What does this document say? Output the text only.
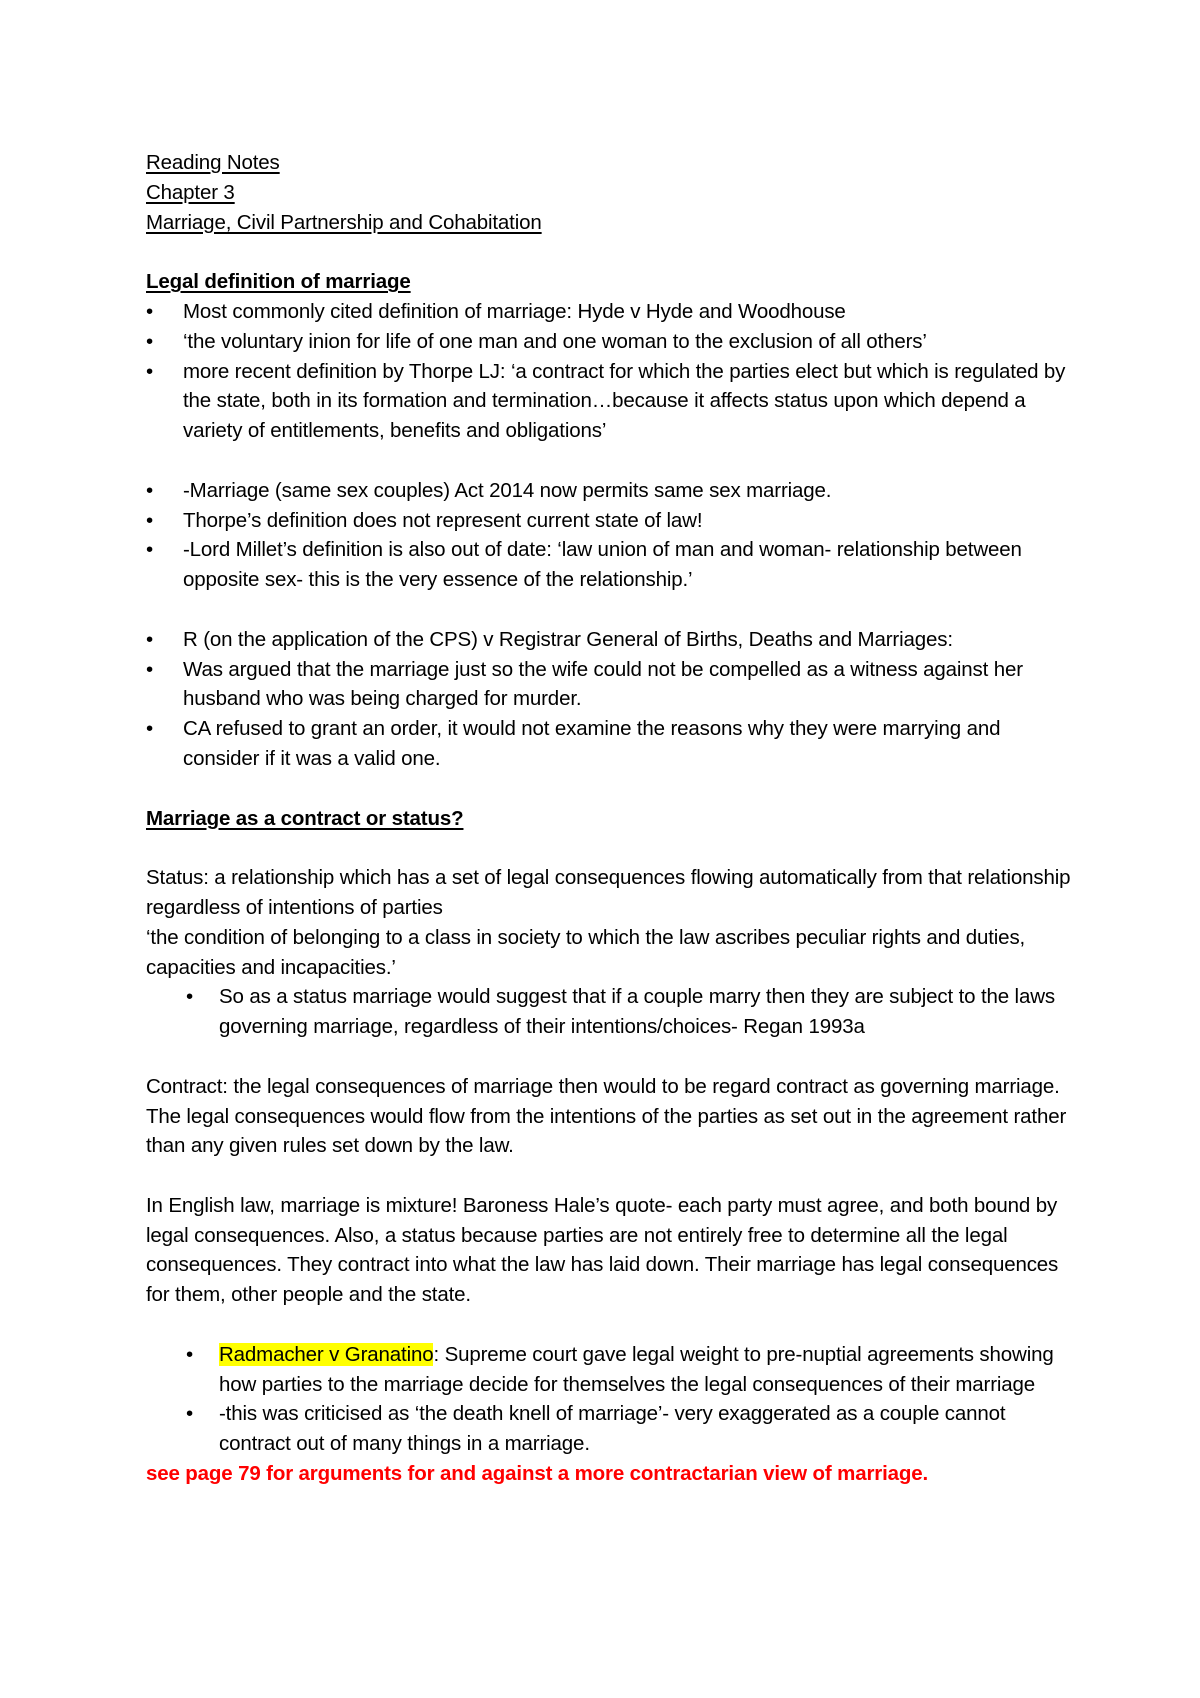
Reading Notes
Chapter 3
Marriage, Civil Partnership and Cohabitation
Legal definition of marriage
• Most commonly cited definition of marriage: Hyde v Hyde and Woodhouse
• ‘the voluntary inion for life of one man and one woman to the exclusion of all others’
• more recent definition by Thorpe LJ: ‘a contract for which the parties elect but which is regulated by the state, both in its formation and termination…because it affects status upon which depend a variety of entitlements, benefits and obligations’
• -Marriage (same sex couples) Act 2014 now permits same sex marriage.
• Thorpe’s definition does not represent current state of law!
• -Lord Millet’s definition is also out of date: ‘law union of man and woman- relationship between opposite sex- this is the very essence of the relationship.’
• R (on the application of the CPS) v Registrar General of Births, Deaths and Marriages:
• Was argued that the marriage just so the wife could not be compelled as a witness against her husband who was being charged for murder.
• CA refused to grant an order, it would not examine the reasons why they were marrying and consider if it was a valid one.
Marriage as a contract or status?
Status: a relationship which has a set of legal consequences flowing automatically from that relationship regardless of intentions of parties
‘the condition of belonging to a class in society to which the law ascribes peculiar rights and duties, capacities and incapacities.’
• So as a status marriage would suggest that if a couple marry then they are subject to the laws governing marriage, regardless of their intentions/choices- Regan 1993a
Contract: the legal consequences of marriage then would to be regard contract as governing marriage. The legal consequences would flow from the intentions of the parties as set out in the agreement rather than any given rules set down by the law.
In English law, marriage is mixture! Baroness Hale’s quote- each party must agree, and both bound by legal consequences. Also, a status because parties are not entirely free to determine all the legal consequences. They contract into what the law has laid down. Their marriage has legal consequences for them, other people and the state.
• Radmacher v Granatino: Supreme court gave legal weight to pre-nuptial agreements showing how parties to the marriage decide for themselves the legal consequences of their marriage
• -this was criticised as ‘the death knell of marriage’- very exaggerated as a couple cannot contract out of many things in a marriage.
see page 79 for arguments for and against a more contractarian view of marriage.
